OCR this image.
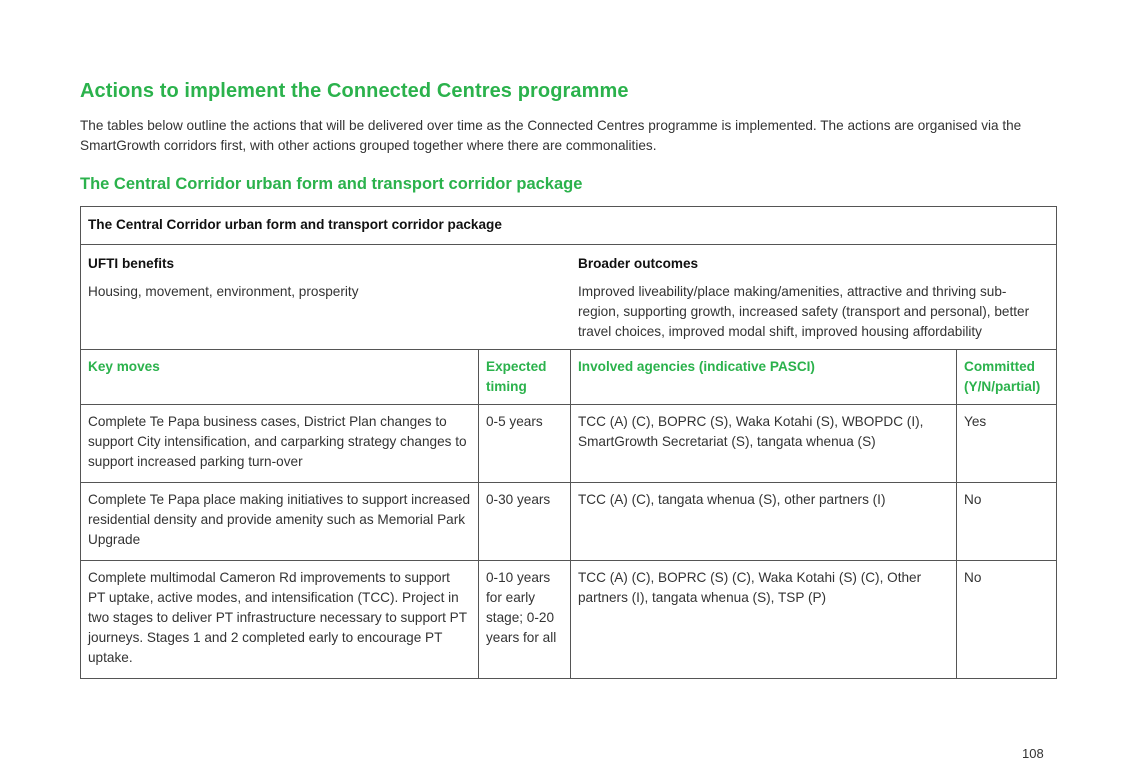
Actions to implement the Connected Centres programme

The tables below outline the actions that will be delivered over time as the Connected Centres programme is implemented. The actions are organised via the SmartGrowth corridors first, with other actions grouped together where there are commonalities.

The Central Corridor urban form and transport corridor package
The Central Corridor urban form and transport corridor package			

UFTI benefits
Housing, movement, environment, prosperity
Broader outcomes
Improved liveability/place making/amenities, attractive and thriving sub-region, supporting growth, increased safety (transport and personal), better travel choices, improved modal shift, improved housing affordability			

Key moves	Expected timing	Involved agencies (indicative PASCI)	Committed (Y/N/partial)
Complete Te Papa business cases, District Plan changes to support City intensification, and carparking strategy changes to support increased parking turn-over	0-5 years	TCC (A) (C), BOPRC (S), Waka Kotahi (S), WBOPDC (I), SmartGrowth Secretariat (S), tangata whenua (S)	Yes
Complete Te Papa place making initiatives to support increased residential density and provide amenity such as Memorial Park Upgrade	0-30 years	TCC (A) (C), tangata whenua (S), other partners (I)	No
Complete multimodal Cameron Rd improvements to support PT uptake, active modes, and intensification (TCC). Project in two stages to deliver PT infrastructure necessary to support PT journeys. Stages 1 and 2 completed early to encourage PT uptake.	0-10 years for early stage; 0-20 years for all	TCC (A) (C), BOPRC (S) (C), Waka Kotahi (S) (C), Other partners (I), tangata whenua (S), TSP (P)	No
108
